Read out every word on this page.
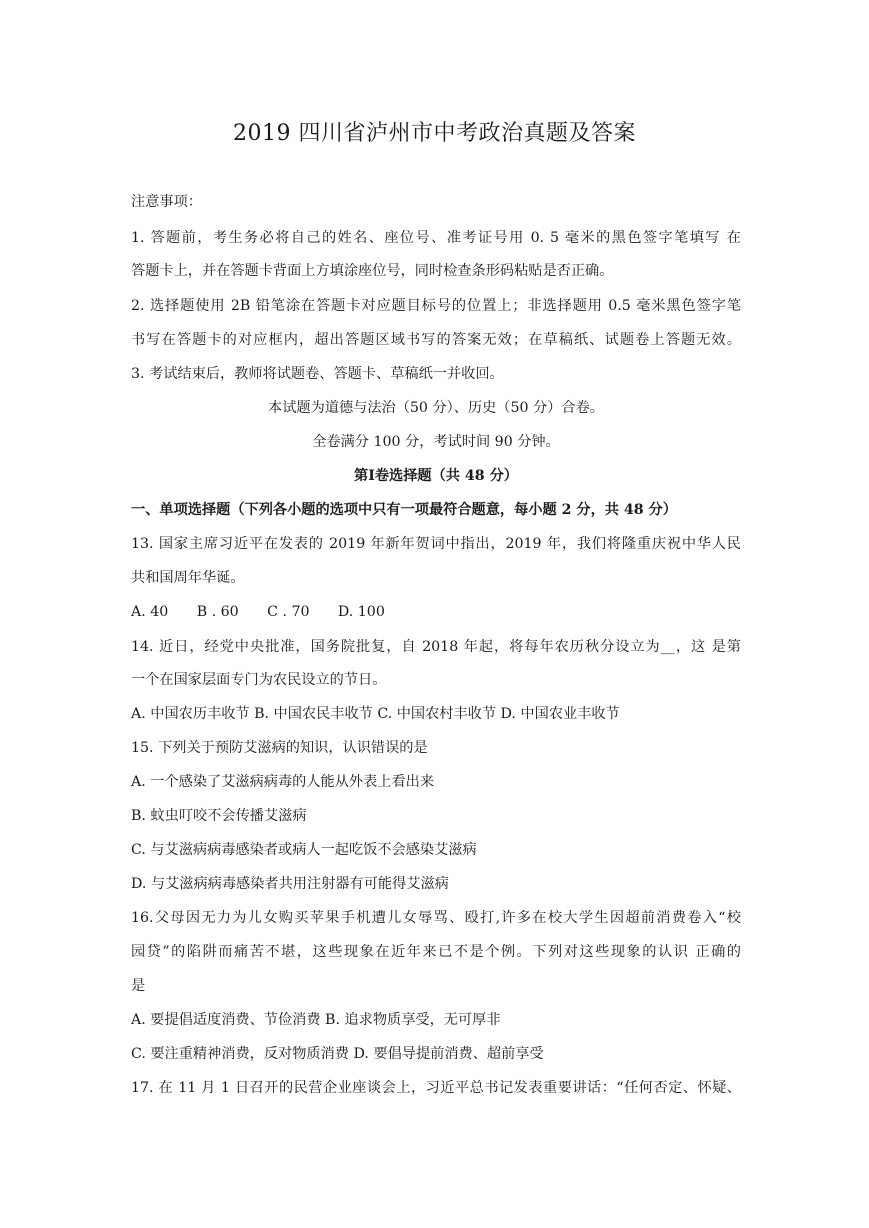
2019 四川省泸州市中考政治真题及答案
注意事项：
1. 答题前，考生务必将自己的姓名、座位号、准考证号用 0. 5 毫米的黑色签字笔填写 在
答题卡上，并在答题卡背面上方填涂座位号，同时检查条形码粘贴是否正确。
2. 选择题使用 2B 铅笔涂在答题卡对应题目标号的位置上；非选择题用 0.5 毫米黑色签字笔
书写在答题卡的对应框内，超出答题区域书写的答案无效；在草稿纸、试题卷上答题无效。
3. 考试结束后，教师将试题卷、答题卡、草稿纸一并收回。
本试题为道德与法治（50 分）、历史（50 分）合卷。
全卷满分 100 分，考试时间 90 分钟。
第Ⅰ卷选择题（共 48 分）
一、单项选择题（下列各小题的选项中只有一项最符合题意，每小题 2 分，共 48 分）
13. 国家主席习近平在发表的 2019 年新年贺词中指出，2019 年，我们将隆重庆祝中华人民
共和国周年华诞。
A. 40　　B . 60　　C . 70　　D. 100
14. 近日，经党中央批准，国务院批复，自 2018 年起，将每年农历秋分设立为__，这 是第
一个在国家层面专门为农民设立的节日。
A. 中国农历丰收节 B. 中国农民丰收节 C. 中国农村丰收节 D. 中国农业丰收节
15. 下列关于预防艾滋病的知识，认识错误的是
A. 一个感染了艾滋病病毒的人能从外表上看出来
B. 蚊虫叮咬不会传播艾滋病
C. 与艾滋病病毒感染者或病人一起吃饭不会感染艾滋病
D. 与艾滋病病毒感染者共用注射器有可能得艾滋病
16.父母因无力为儿女购买苹果手机遭儿女辱骂、殴打,许多在校大学生因超前消费卷入“校
园贷”的陷阱而痛苦不堪，这些现象在近年来已不是个例。下列对这些现象的认识 正确的
是
A. 要提倡适度消费、节俭消费 B. 追求物质享受，无可厚非
C. 要注重精神消费，反对物质消费 D. 要倡导提前消费、超前享受
17. 在 11 月 1 日召开的民营企业座谈会上，习近平总书记发表重要讲话：“任何否定、怀疑、
